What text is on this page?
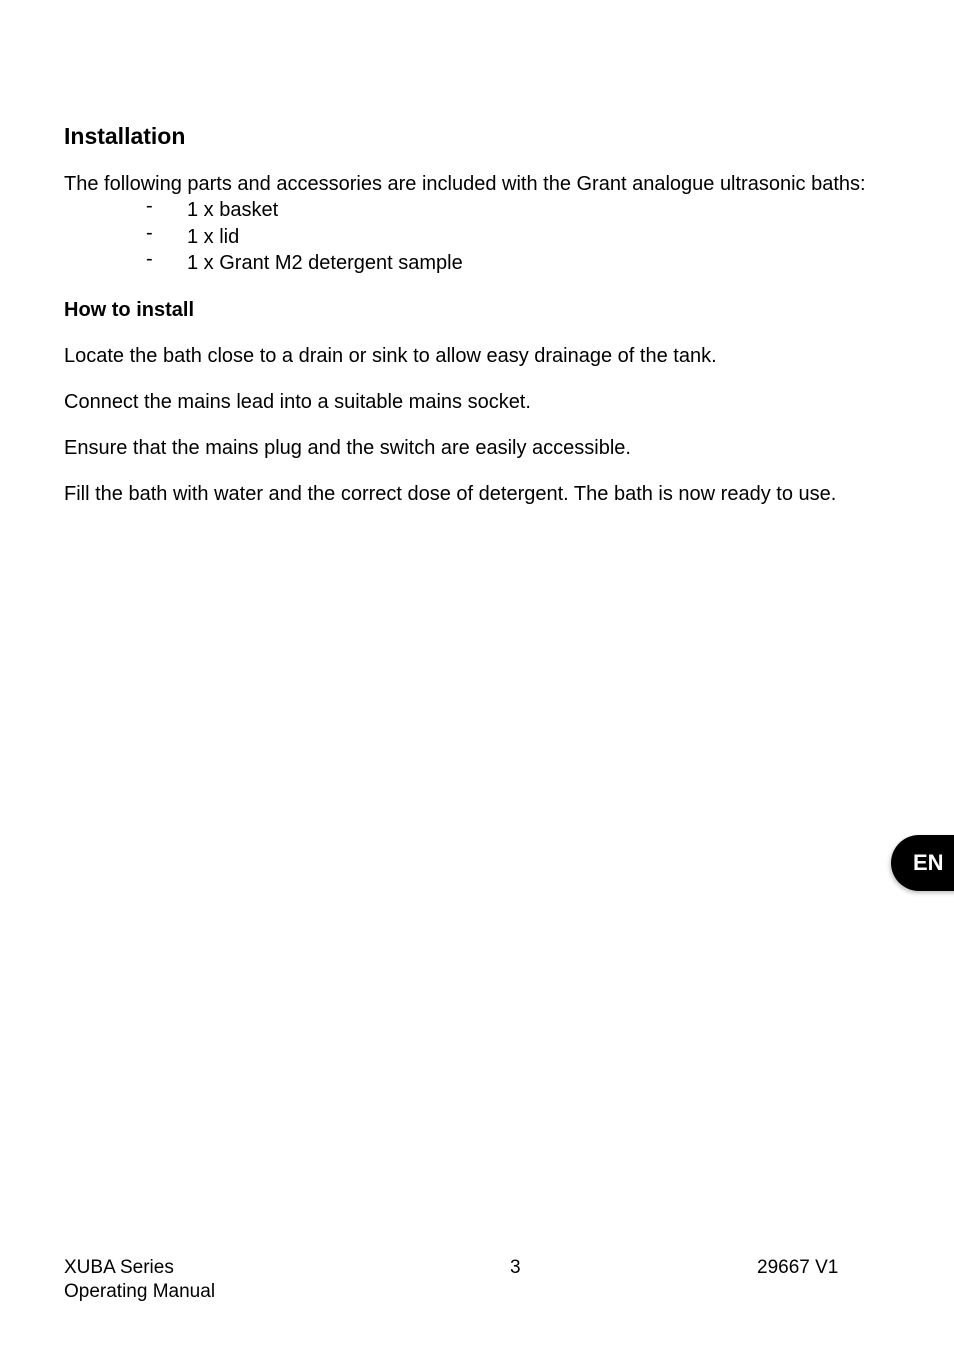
Installation

The following parts and accessories are included with the Grant analogue ultrasonic baths:

- 1 x basket
- 1 x lid
- 1 x Grant M2 detergent sample
How to install

Locate the bath close to a drain or sink to allow easy drainage of the tank.

Connect the mains lead into a suitable mains socket.

Ensure that the mains plug and the switch are easily accessible.

Fill the bath with water and the correct dose of detergent. The bath is now ready to use.

EN
XUBA Series
Operating Manual
3	29667 V1
